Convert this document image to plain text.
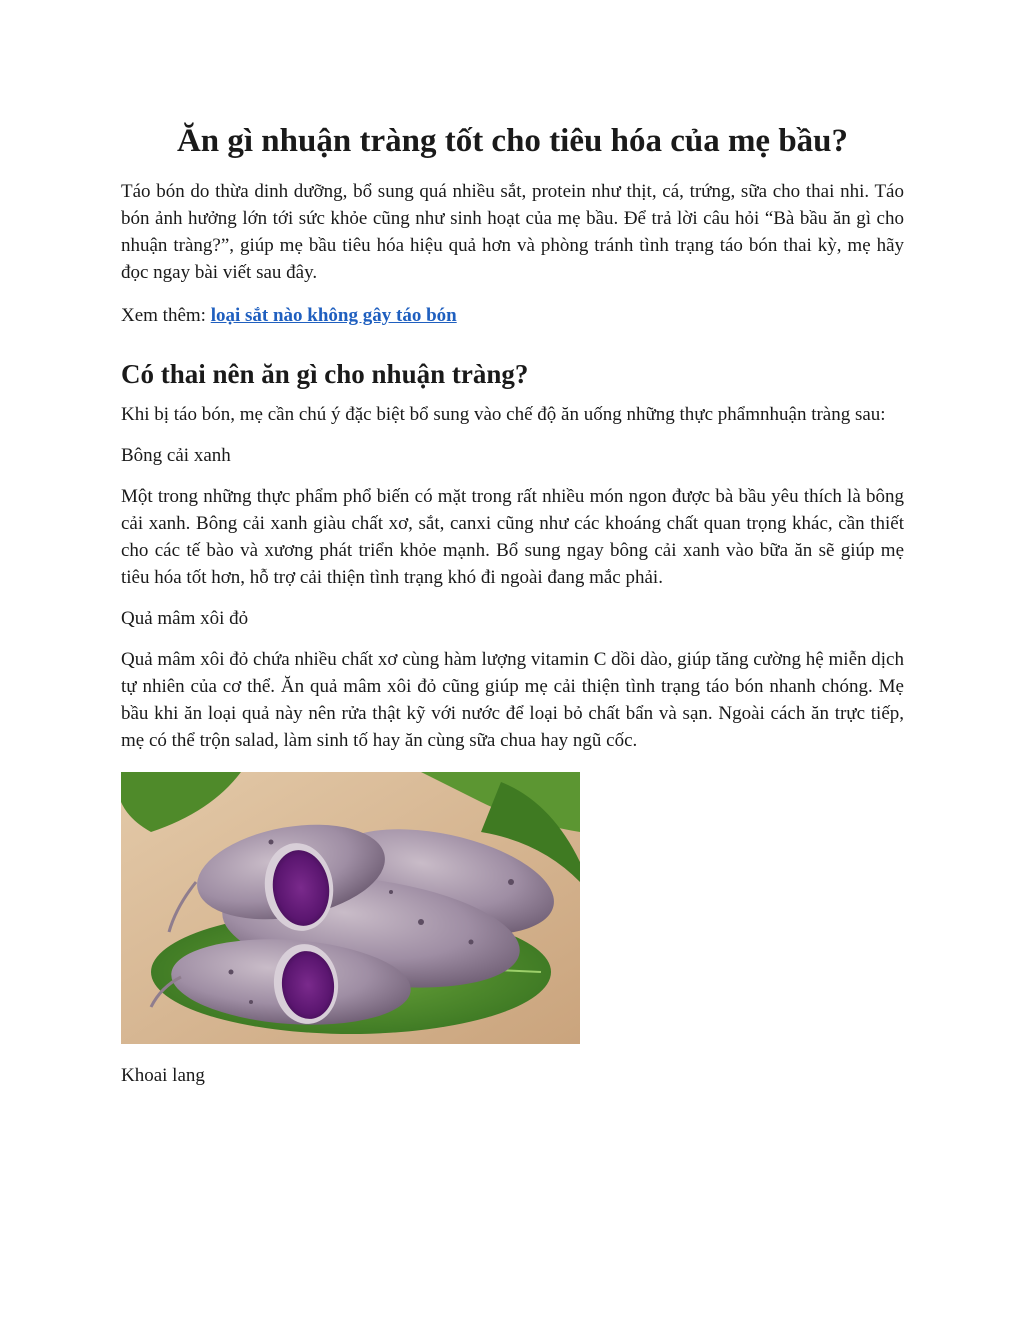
Ăn gì nhuận tràng tốt cho tiêu hóa của mẹ bầu?

Táo bón do thừa dinh dưỡng, bổ sung quá nhiều sắt, protein như thịt, cá, trứng, sữa cho thai nhi. Táo bón ảnh hưởng lớn tới sức khỏe cũng như sinh hoạt của mẹ bầu. Để trả lời câu hỏi “Bà bầu ăn gì cho nhuận tràng?”, giúp mẹ bầu tiêu hóa hiệu quả hơn và phòng tránh tình trạng táo bón thai kỳ, mẹ hãy đọc ngay bài viết sau đây.

Xem thêm: loại sắt nào không gây táo bón

Có thai nên ăn gì cho nhuận tràng?

Khi bị táo bón, mẹ cần chú ý đặc biệt bổ sung vào chế độ ăn uống những thực phẩmnhuận tràng sau:

Bông cải xanh

Một trong những thực phẩm phổ biến có mặt trong rất nhiều món ngon được bà bầu yêu thích là bông cải xanh. Bông cải xanh giàu chất xơ, sắt, canxi cũng như các khoáng chất quan trọng khác, cần thiết cho các tế bào và xương phát triển khỏe mạnh. Bổ sung ngay bông cải xanh vào bữa ăn sẽ giúp mẹ tiêu hóa tốt hơn, hỗ trợ cải thiện tình trạng khó đi ngoài đang mắc phải.

Quả mâm xôi đỏ

Quả mâm xôi đỏ chứa nhiều chất xơ cùng hàm lượng vitamin C dồi dào, giúp tăng cường hệ miễn dịch tự nhiên của cơ thể. Ăn quả mâm xôi đỏ cũng giúp mẹ cải thiện tình trạng táo bón nhanh chóng. Mẹ bầu khi ăn loại quả này nên rửa thật kỹ với nước để loại bỏ chất bẩn và sạn. Ngoài cách ăn trực tiếp, mẹ có thể trộn salad, làm sinh tố hay ăn cùng sữa chua hay ngũ cốc.

Khoai lang
